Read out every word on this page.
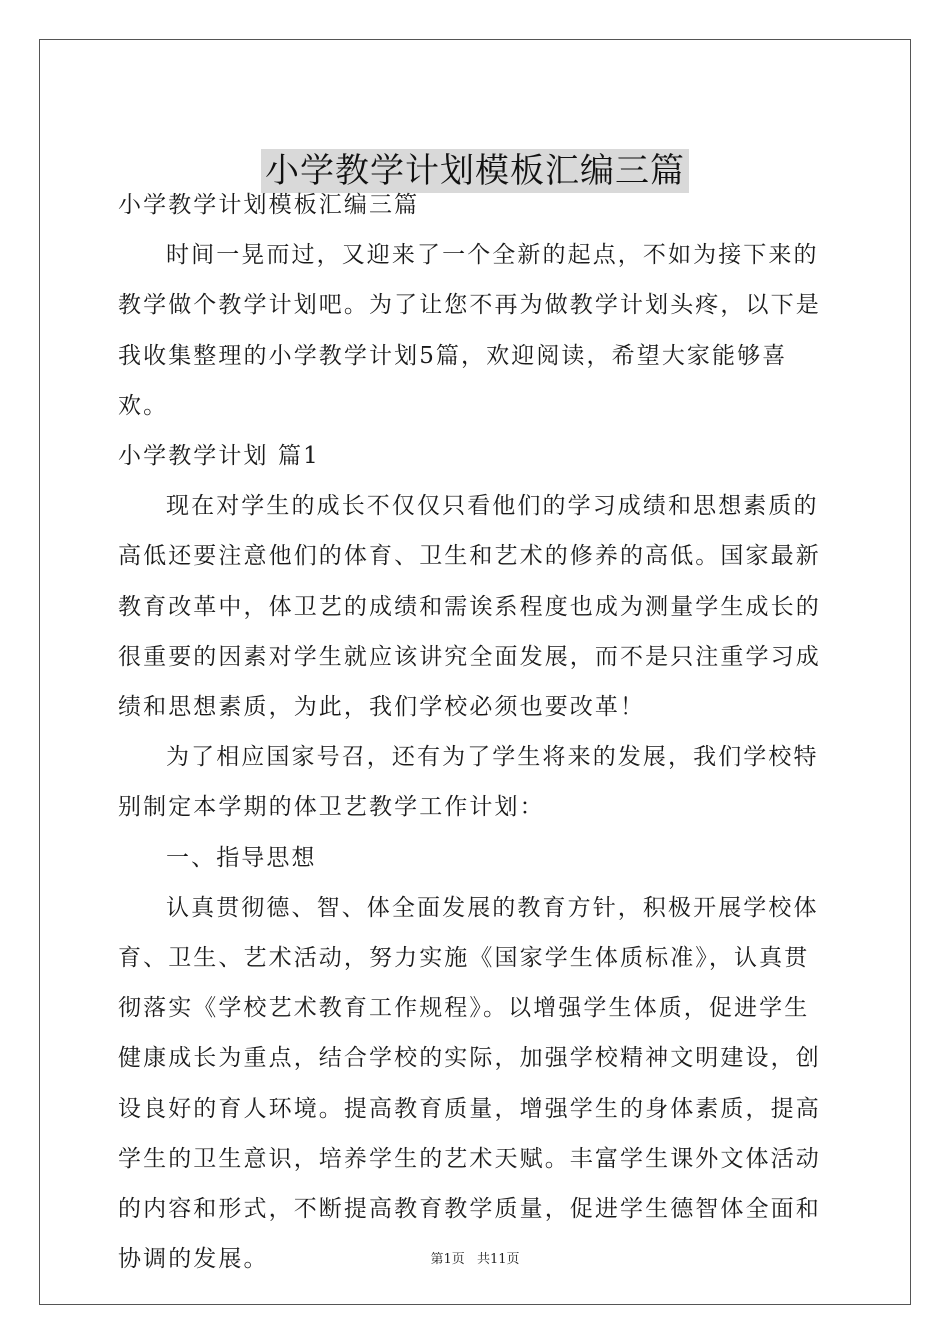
小学教学计划模板汇编三篇

小学教学计划模板汇编三篇

时间一晃而过，又迎来了一个全新的起点，不如为接下来的教学做个教学计划吧。为了让您不再为做教学计划头疼，以下是我收集整理的小学教学计划5篇，欢迎阅读，希望大家能够喜欢。

小学教学计划 篇1

现在对学生的成长不仅仅只看他们的学习成绩和思想素质的高低还要注意他们的体育、卫生和艺术的修养的高低。国家最新教育改革中，体卫艺的成绩和需诶系程度也成为测量学生成长的很重要的因素对学生就应该讲究全面发展，而不是只注重学习成绩和思想素质，为此，我们学校必须也要改革！

为了相应国家号召，还有为了学生将来的发展，我们学校特别制定本学期的体卫艺教学工作计划：

一、指导思想

认真贯彻德、智、体全面发展的教育方针，积极开展学校体育、卫生、艺术活动，努力实施《国家学生体质标准》，认真贯彻落实《学校艺术教育工作规程》。以增强学生体质，促进学生健康成长为重点，结合学校的实际，加强学校精神文明建设，创设良好的育人环境。提高教育质量，增强学生的身体素质，提高学生的卫生意识，培养学生的艺术天赋。丰富学生课外文体活动的内容和形式，不断提高教育教学质量，促进学生德智体全面和协调的发展。	第1页 共11页
